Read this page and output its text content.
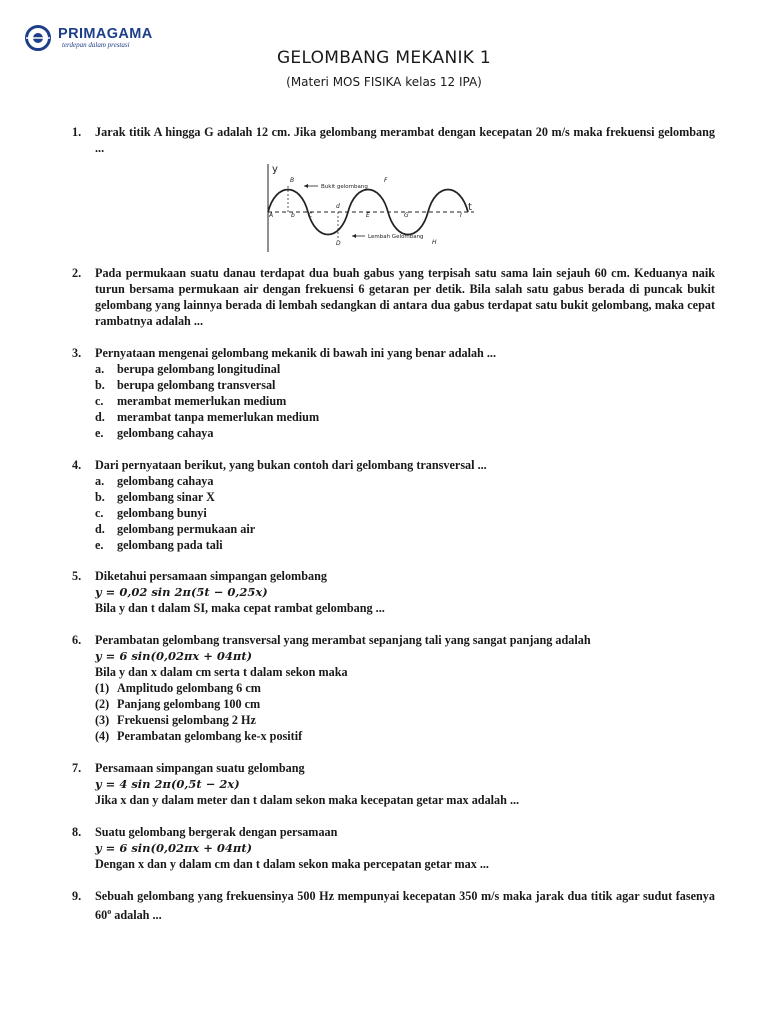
PRIMAGAMA
terdepan dalam prestasi
GELOMBANG MEKANIK 1
(Materi MOS FISIKA kelas 12 IPA)
1. Jarak titik A hingga G adalah 12 cm. Jika gelombang merambat dengan kecepatan 20 m/s maka frekuensi gelombang ...
y
t
A
B
b C
d
D
E
F
G
H
I
Bukit gelombang
Lembah Gelombang
2. Pada permukaan suatu danau terdapat dua buah gabus yang terpisah satu sama lain sejauh 60 cm. Keduanya naik turun bersama permukaan air dengan frekuensi 6 getaran per detik. Bila salah satu gabus berada di puncak bukit gelombang yang lainnya berada di lembah sedangkan di antara dua gabus terdapat satu bukit gelombang, maka cepat rambatnya adalah ...
3. Pernyataan mengenai gelombang mekanik di bawah ini yang benar adalah ...
a.	berupa gelombang longitudinal
b. berupa gelombang transversal
c.	merambat memerlukan medium
d. merambat tanpa memerlukan medium
e.	gelombang cahaya
4. Dari pernyataan berikut, yang bukan contoh dari gelombang transversal ...
a.	gelombang cahaya
b. gelombang sinar X
c.	gelombang bunyi
d. gelombang permukaan air
e.	gelombang pada tali
5. Diketahui persamaan simpangan gelombang
y = 0,02 sin 2π(5t − 0,25x)
Bila y dan t dalam SI, maka cepat rambat gelombang ...
6. Perambatan gelombang transversal yang merambat sepanjang tali yang sangat panjang adalah
y = 6 sin(0,02πx + 04πt)
Bila y dan x dalam cm serta t dalam sekon maka
(1) Amplitudo gelombang 6 cm
(2) Panjang gelombang 100 cm
(3) Frekuensi gelombang 2 Hz
(4) Perambatan gelombang ke-x positif
7. Persamaan simpangan suatu gelombang
y = 4 sin 2π(0,5t − 2x)
Jika x dan y dalam meter dan t dalam sekon maka kecepatan getar max adalah ...
8. Suatu gelombang bergerak dengan persamaan
y = 6 sin(0,02πx + 04πt)
Dengan x dan y dalam cm dan t dalam sekon maka percepatan getar max ...
9. Sebuah gelombang yang frekuensinya 500 Hz mempunyai kecepatan 350 m/s maka jarak dua titik agar sudut fasenya 60$^o$ adalah ...
